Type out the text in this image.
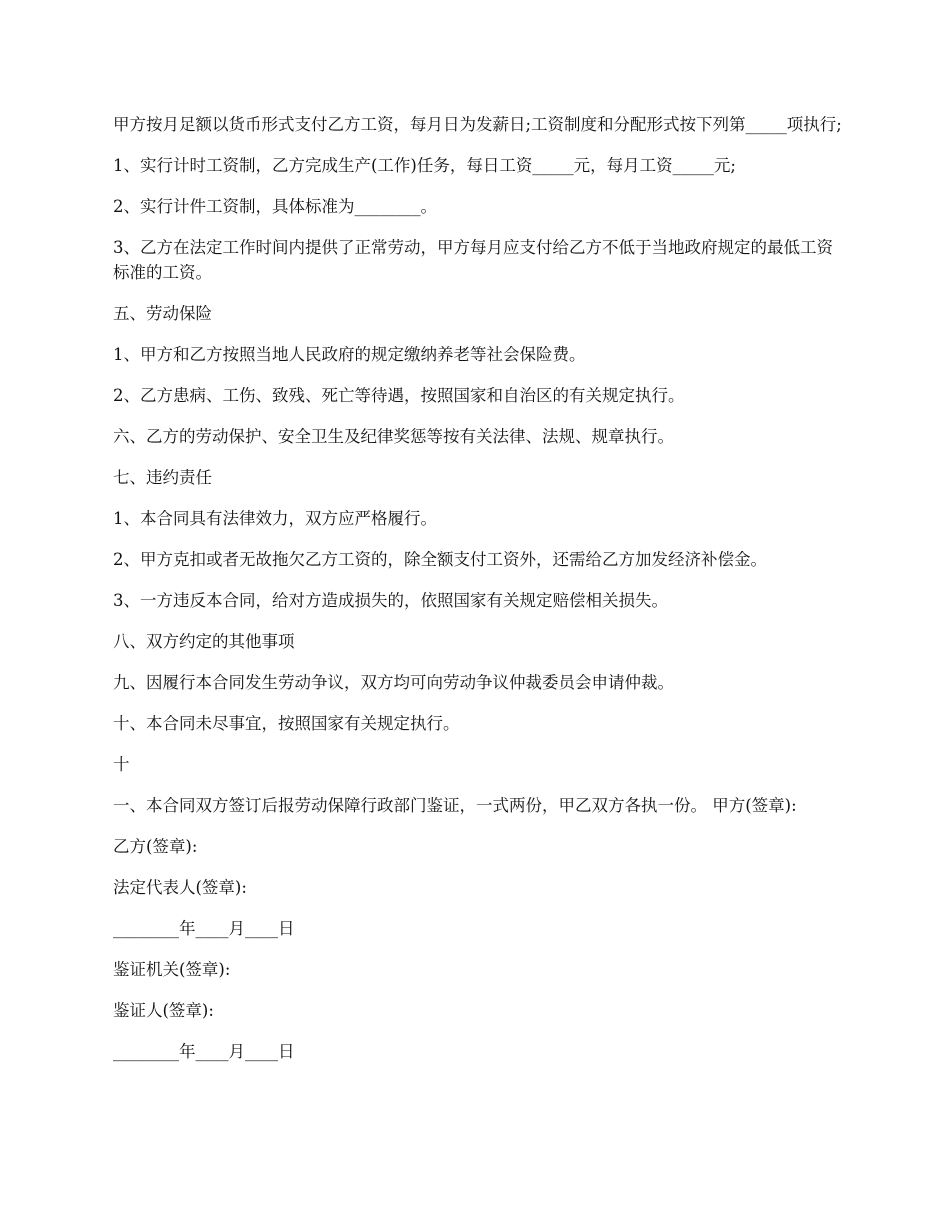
甲方按月足额以货币形式支付乙方工资，每月日为发薪日;工资制度和分配形式按下列第_____项执行;

1、实行计时工资制，乙方完成生产(工作)任务，每日工资_____元，每月工资_____元;

2、实行计件工资制，具体标准为________。

3、乙方在法定工作时间内提供了正常劳动，甲方每月应支付给乙方不低于当地政府规定的最低工资标准的工资。

五、劳动保险

1、甲方和乙方按照当地人民政府的规定缴纳养老等社会保险费。

2、乙方患病、工伤、致残、死亡等待遇，按照国家和自治区的有关规定执行。

六、乙方的劳动保护、安全卫生及纪律奖惩等按有关法律、法规、规章执行。

七、违约责任

1、本合同具有法律效力，双方应严格履行。

2、甲方克扣或者无故拖欠乙方工资的，除全额支付工资外，还需给乙方加发经济补偿金。

3、一方违反本合同，给对方造成损失的，依照国家有关规定赔偿相关损失。

八、双方约定的其他事项

九、因履行本合同发生劳动争议，双方均可向劳动争议仲裁委员会申请仲裁。

十、本合同未尽事宜，按照国家有关规定执行。

十

一、本合同双方签订后报劳动保障行政部门鉴证，一式两份，甲乙双方各执一份。 甲方(签章):

乙方(签章):

法定代表人(签章):

________年____月____日

鉴证机关(签章):

鉴证人(签章):

________年____月____日
